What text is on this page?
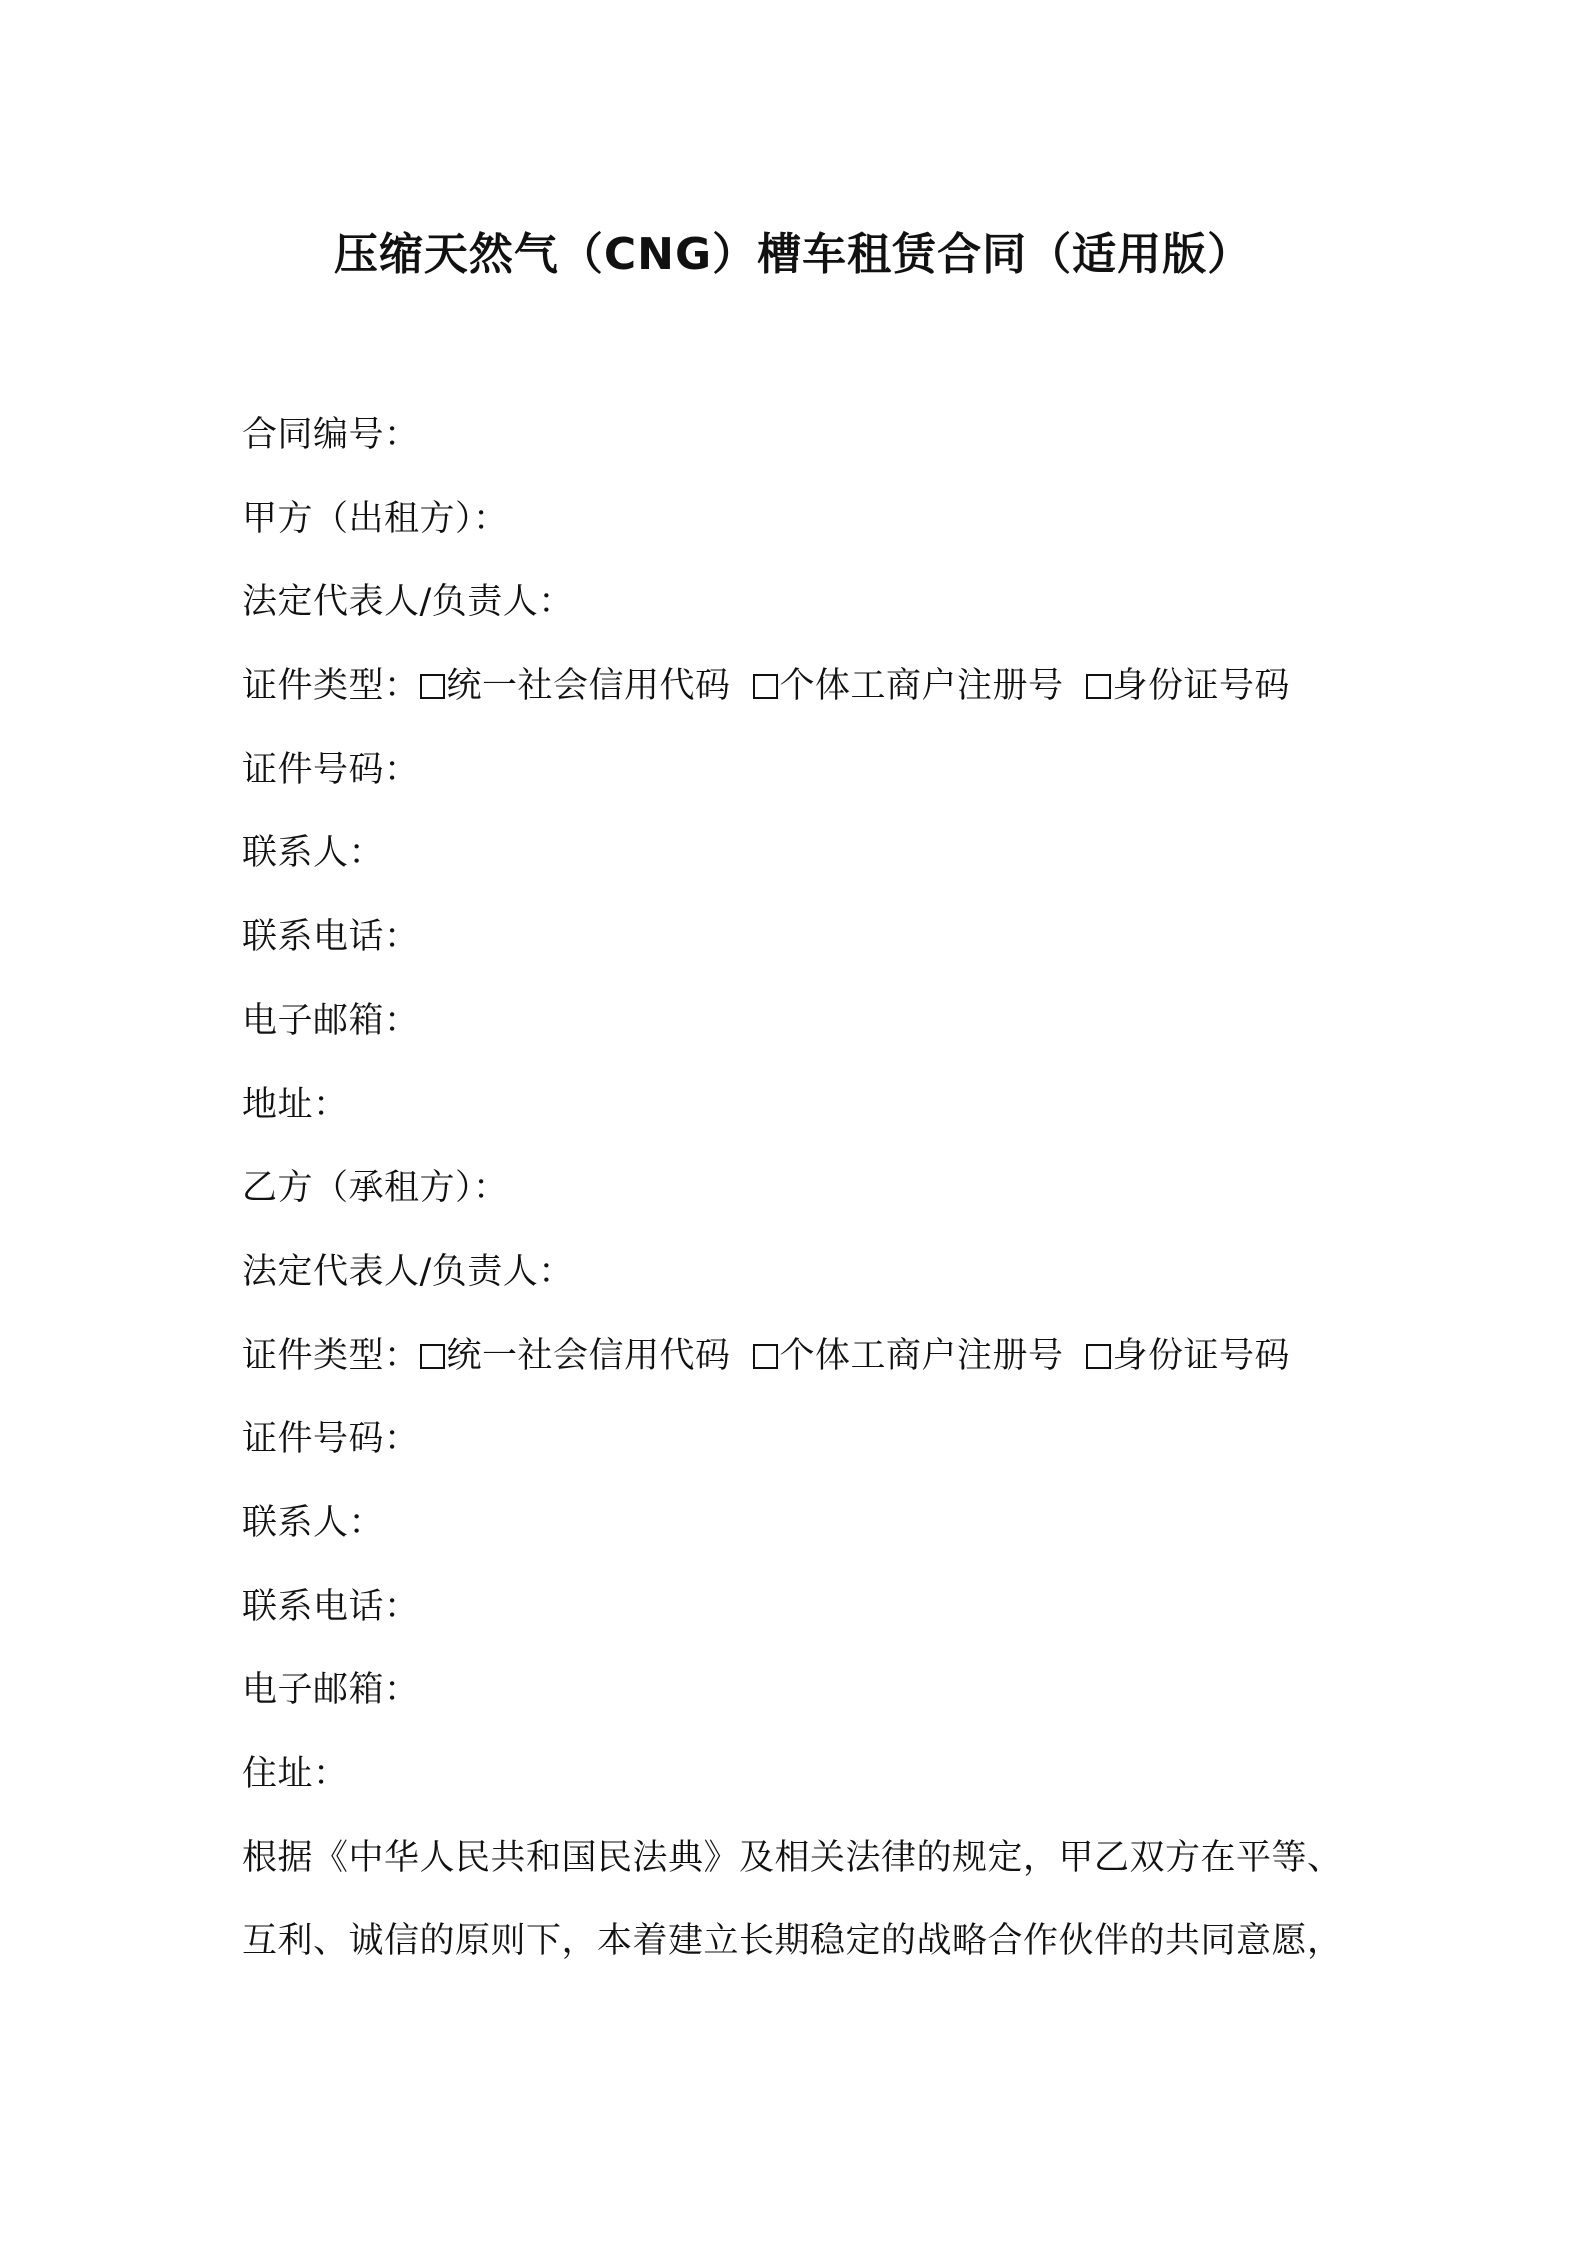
压缩天然气（CNG）槽车租赁合同（适用版）
合同编号：
甲方（出租方）：
法定代表人/负责人：
证件类型： 统一社会信用代码 个体工商户注册号 身份证号码
证件号码：
联系人：
联系电话：
电子邮箱：
地址：
乙方（承租方）：
法定代表人/负责人：
证件类型： 统一社会信用代码 个体工商户注册号 身份证号码
证件号码：
联系人：
联系电话：
电子邮箱：
住址：
根据《中华人民共和国民法典》及相关法律的规定，甲乙双方在平等、
互利、诚信的原则下，本着建立长期稳定的战略合作伙伴的共同意愿，
